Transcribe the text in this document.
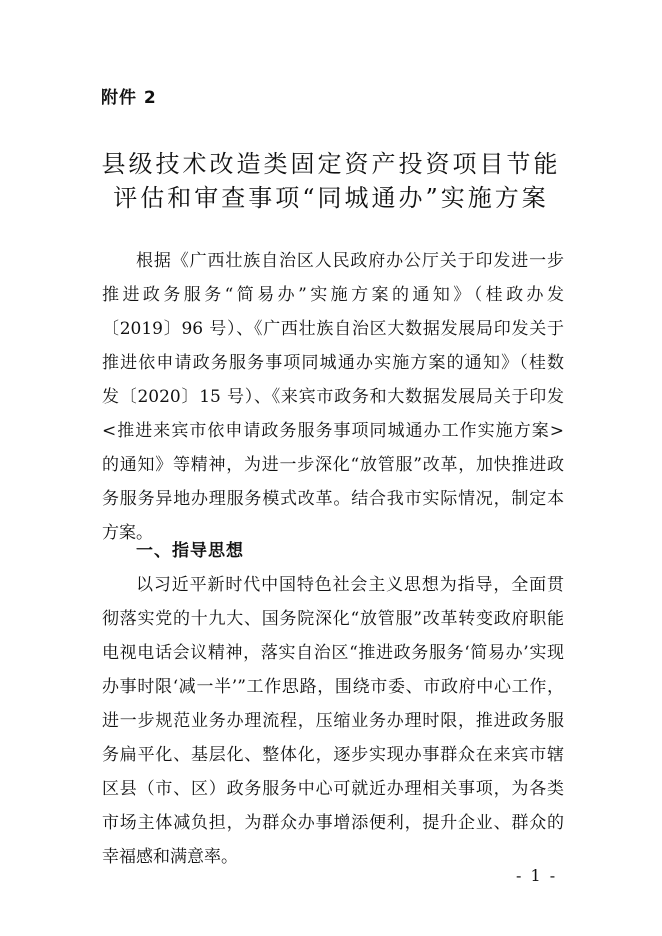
附件 2
县级技术改造类固定资产投资项目节能
评估和审查事项“同城通办”实施方案
根据《广西壮族自治区人民政府办公厅关于印发进一步
推进政务服务“简易办”实施方案的通知》（桂政办发
〔2019〕96 号）、《广西壮族自治区大数据发展局印发关于
推进依申请政务服务事项同城通办实施方案的通知》（桂数
发〔2020〕15 号）、《来宾市政务和大数据发展局关于印发
<推进来宾市依申请政务服务事项同城通办工作实施方案>
的通知》等精神，为进一步深化“放管服”改革，加快推进政
务服务异地办理服务模式改革。结合我市实际情况，制定本
方案。
一、指导思想
以习近平新时代中国特色社会主义思想为指导，全面贯
彻落实党的十九大、国务院深化“放管服”改革转变政府职能
电视电话会议精神，落实自治区“推进政务服务‘简易办’实现
办事时限‘减一半’”工作思路，围绕市委、市政府中心工作，
进一步规范业务办理流程，压缩业务办理时限，推进政务服
务扁平化、基层化、整体化，逐步实现办事群众在来宾市辖
区县（市、区）政务服务中心可就近办理相关事项，为各类
市场主体减负担，为群众办事增添便利，提升企业、群众的
幸福感和满意率。
- 1 -
